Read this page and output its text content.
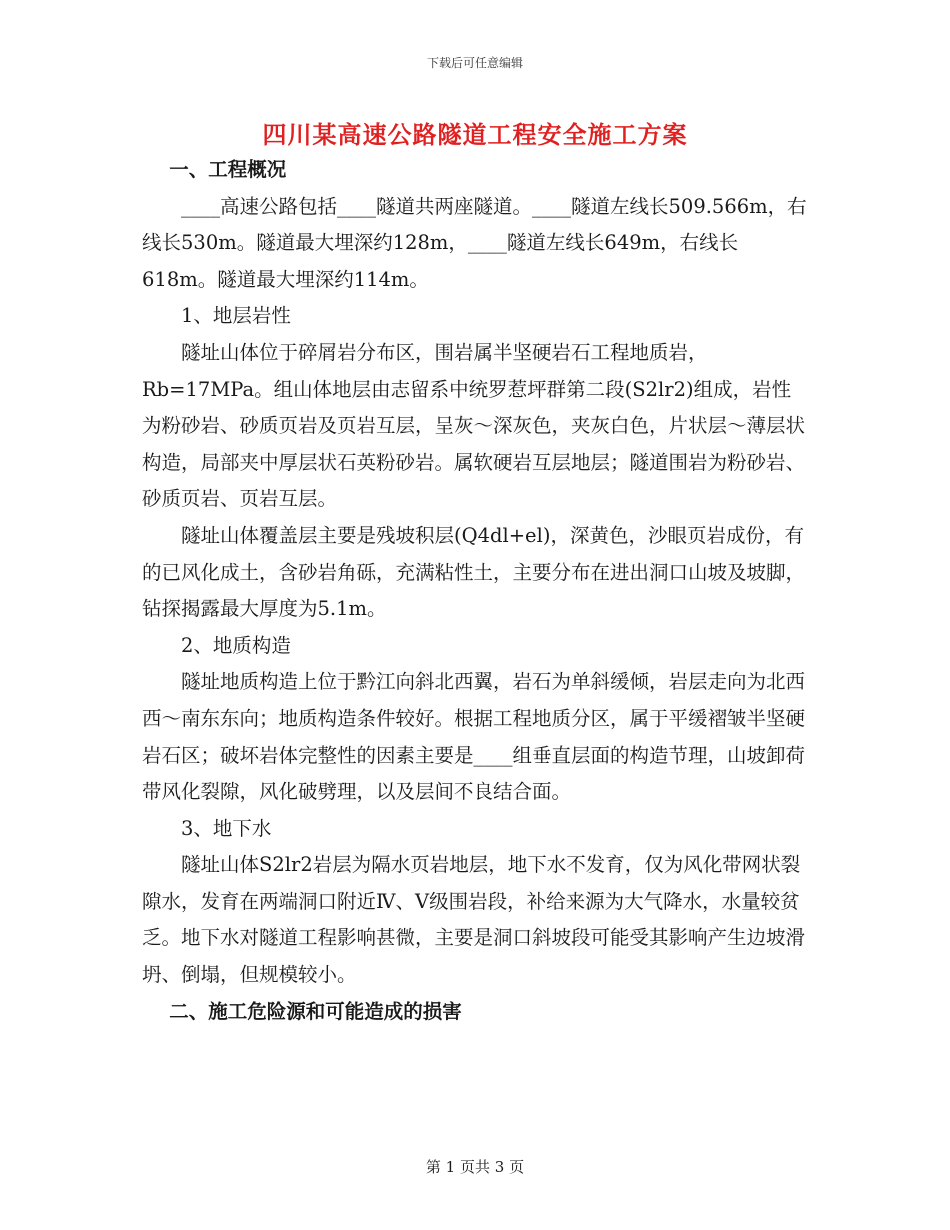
下载后可任意编辑
四川某高速公路隧道工程安全施工方案
一、工程概况

____高速公路包括____隧道共两座隧道。____隧道左线长509.566m，右线长530m。隧道最大埋深约128m，____隧道左线长649m，右线长618m。隧道最大埋深约114m。

1、地层岩性

隧址山体位于碎屑岩分布区，围岩属半坚硬岩石工程地质岩，Rb=17MPa。组山体地层由志留系中统罗惹坪群第二段(S2lr2)组成，岩性为粉砂岩、砂质页岩及页岩互层，呈灰～深灰色，夹灰白色，片状层～薄层状构造，局部夹中厚层状石英粉砂岩。属软硬岩互层地层；隧道围岩为粉砂岩、砂质页岩、页岩互层。

隧址山体覆盖层主要是残坡积层(Q4dl+el)，深黄色，沙眼页岩成份，有的已风化成土，含砂岩角砾，充满粘性土，主要分布在进出洞口山坡及坡脚，钻探揭露最大厚度为5.1m。

2、地质构造

隧址地质构造上位于黔江向斜北西翼，岩石为单斜缓倾，岩层走向为北西西～南东东向；地质构造条件较好。根据工程地质分区，属于平缓褶皱半坚硬岩石区；破坏岩体完整性的因素主要是____组垂直层面的构造节理，山坡卸荷带风化裂隙，风化破劈理，以及层间不良结合面。

3、地下水

隧址山体S2lr2岩层为隔水页岩地层，地下水不发育，仅为风化带网状裂隙水，发育在两端洞口附近Ⅳ、Ⅴ级围岩段，补给来源为大气降水，水量较贫乏。地下水对隧道工程影响甚微，主要是洞口斜坡段可能受其影响产生边坡滑坍、倒塌，但规模较小。

二、施工危险源和可能造成的损害
第 1 页共 3 页
